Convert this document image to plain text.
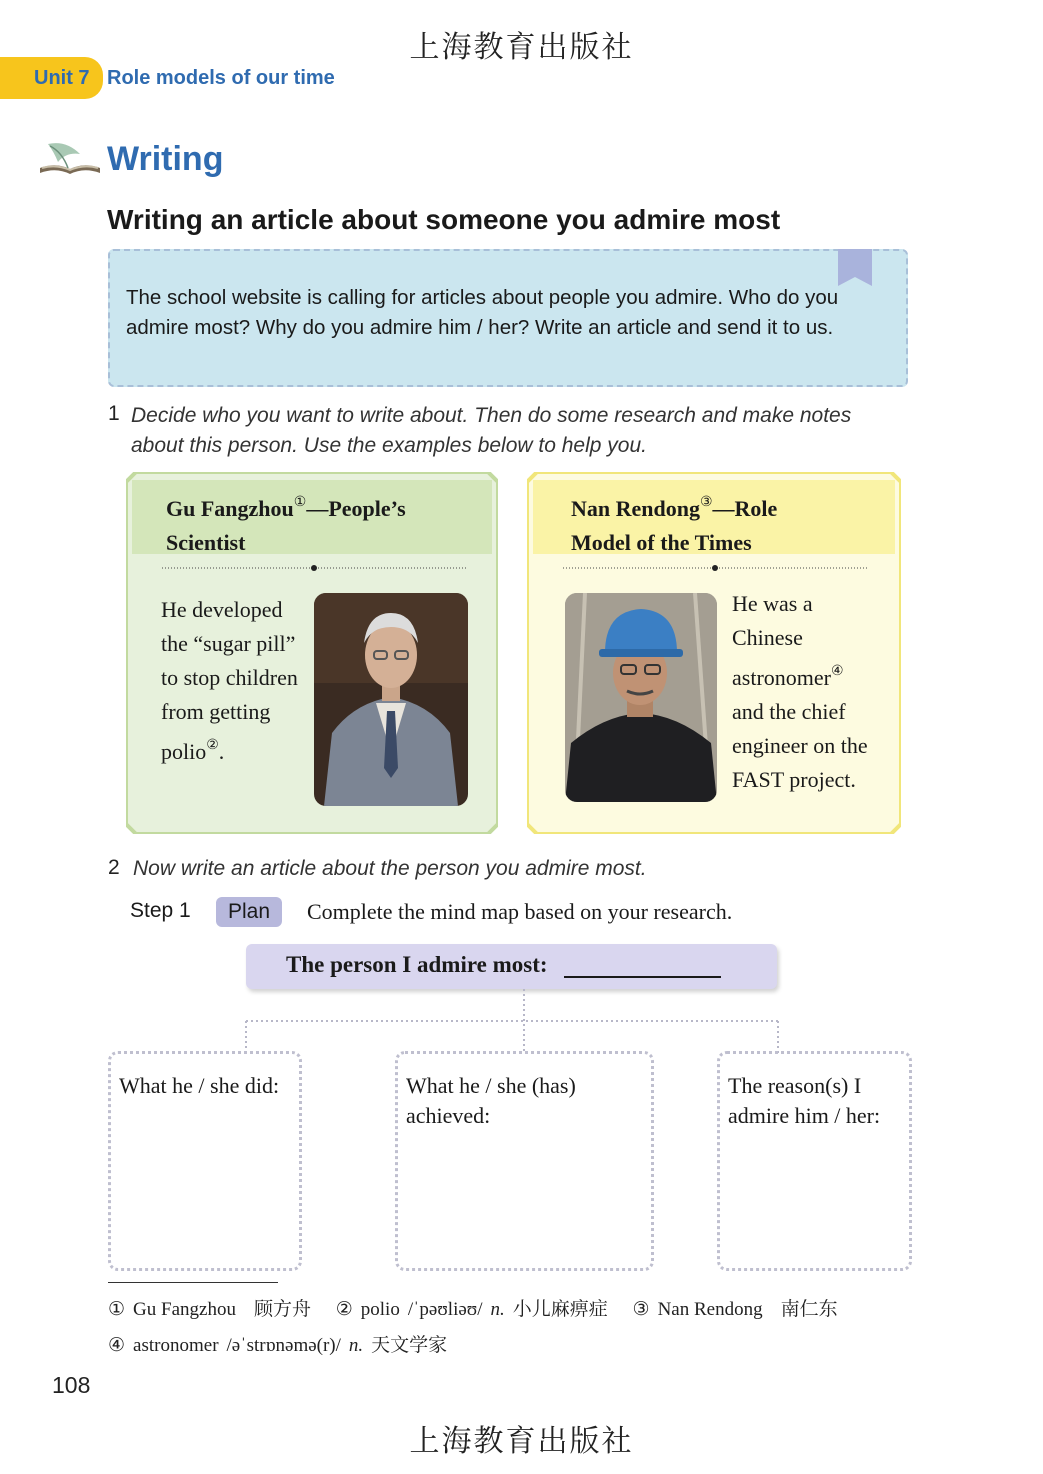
上海教育出版社
Unit 7 Role models of our time
Writing
Writing an article about someone you admire most
The school website is calling for articles about people you admire. Who do you admire most? Why do you admire him / her? Write an article and send it to us.
1 Decide who you want to write about. Then do some research and make notes about this person. Use the examples below to help you.
Gu Fangzhou①—People’s
Scientist
He developed
the “sugar pill”
to stop children
from getting
polio②.
Nan Rendong③—Role
Model of the Times
He was a
Chinese
astronomer④
and the chief
engineer on the
FAST project.
2 Now write an article about the person you admire most.
Step 1	Plan	Complete the mind map based on your research.
The person I admire most:
What he / she did:	What he / she (has)
achieved:
The reason(s) I
admire him / her:
① Gu Fangzhou 顾方舟 ② polio /ˈpəʊliəʊ/ n. 小儿麻痹症 ③ Nan Rendong 南仁东
④ astronomer /əˈstrɒnəmə(r)/ n. 天文学家
108
上海教育出版社
